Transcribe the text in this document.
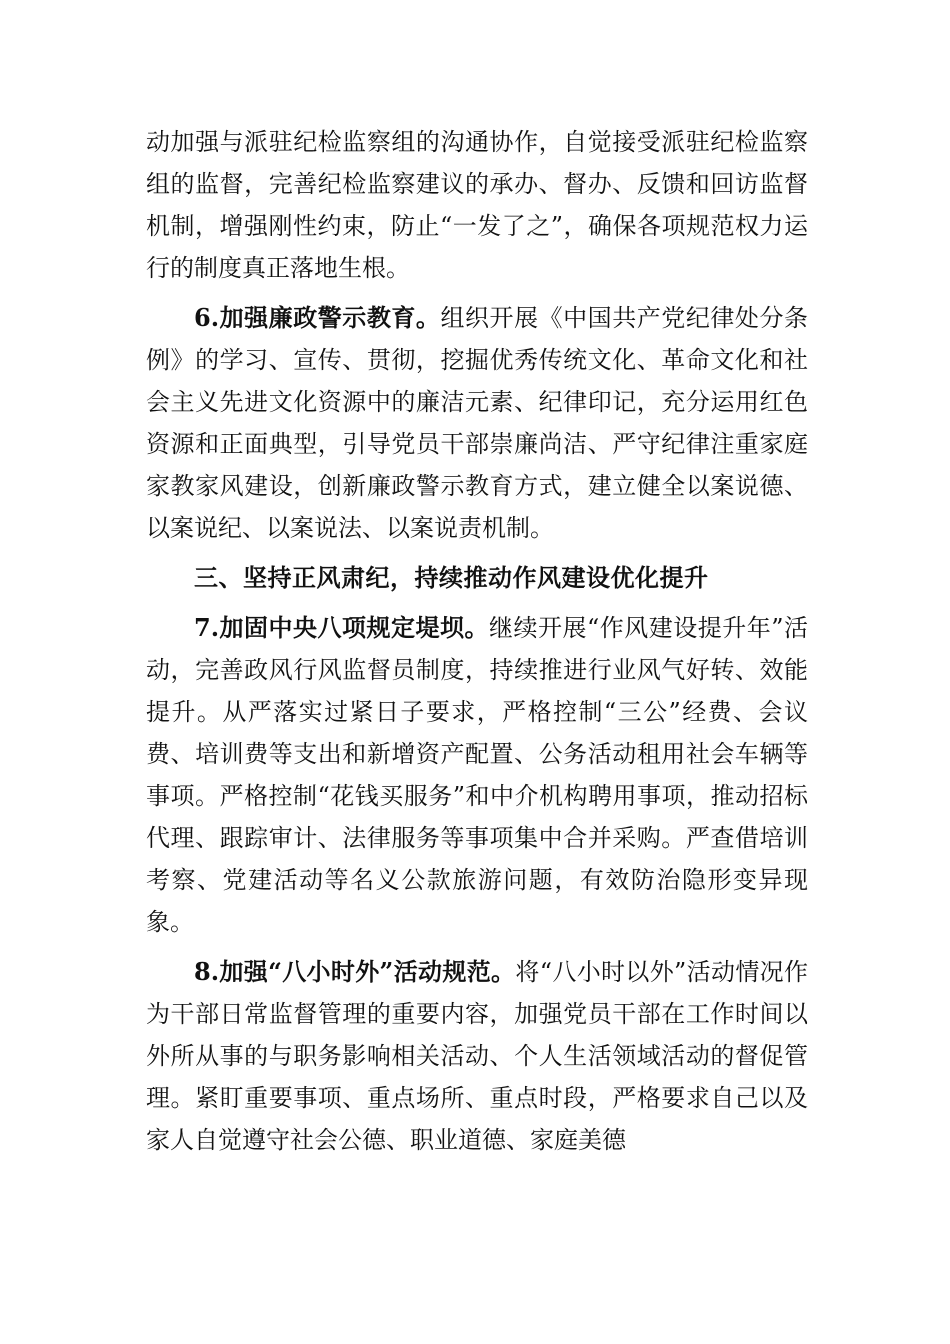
动加强与派驻纪检监察组的沟通协作，自觉接受派驻纪检监察组的监督，完善纪检监察建议的承办、督办、反馈和回访监督机制，增强刚性约束，防止“一发了之”，确保各项规范权力运行的制度真正落地生根。

6.加强廉政警示教育。组织开展《中国共产党纪律处分条例》的学习、宣传、贯彻，挖掘优秀传统文化、革命文化和社会主义先进文化资源中的廉洁元素、纪律印记，充分运用红色资源和正面典型，引导党员干部崇廉尚洁、严守纪律注重家庭家教家风建设，创新廉政警示教育方式，建立健全以案说德、以案说纪、以案说法、以案说责机制。

三、坚持正风肃纪，持续推动作风建设优化提升

7.加固中央八项规定堤坝。继续开展“作风建设提升年”活动，完善政风行风监督员制度，持续推进行业风气好转、效能提升。从严落实过紧日子要求，严格控制“三公”经费、会议费、培训费等支出和新增资产配置、公务活动租用社会车辆等事项。严格控制“花钱买服务”和中介机构聘用事项，推动招标代理、跟踪审计、法律服务等事项集中合并采购。严查借培训考察、党建活动等名义公款旅游问题，有效防治隐形变异现象。

8.加强“八小时外”活动规范。将“八小时以外”活动情况作为干部日常监督管理的重要内容，加强党员干部在工作时间以外所从事的与职务影响相关活动、个人生活领域活动的督促管理。紧盯重要事项、重点场所、重点时段，严格要求自己以及家人自觉遵守社会公德、职业道德、家庭美德
